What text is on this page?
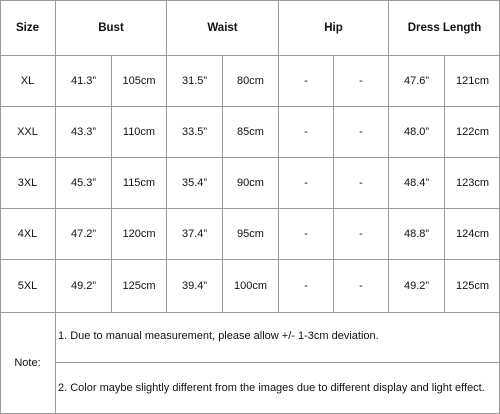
Size	Bust	Waist	Hip	Dress Length
XL	41.3”	105cm	31.5”	80cm	-	-	47.6”	121cm
XXL	43.3”	110cm	33.5”	85cm	-	-	48.0”	122cm
3XL	45.3”	115cm	35.4”	90cm	-	-	48.4”	123cm
4XL	47.2”	120cm	37.4”	95cm	-	-	48.8”	124cm
5XL	49.2”	125cm	39.4”	100cm	-	-	49.2”	125cm
Note:
1. Due to manual measurement, please allow +/- 1-3cm deviation.
2. Color maybe slightly different from the images due to different display and light effect.
